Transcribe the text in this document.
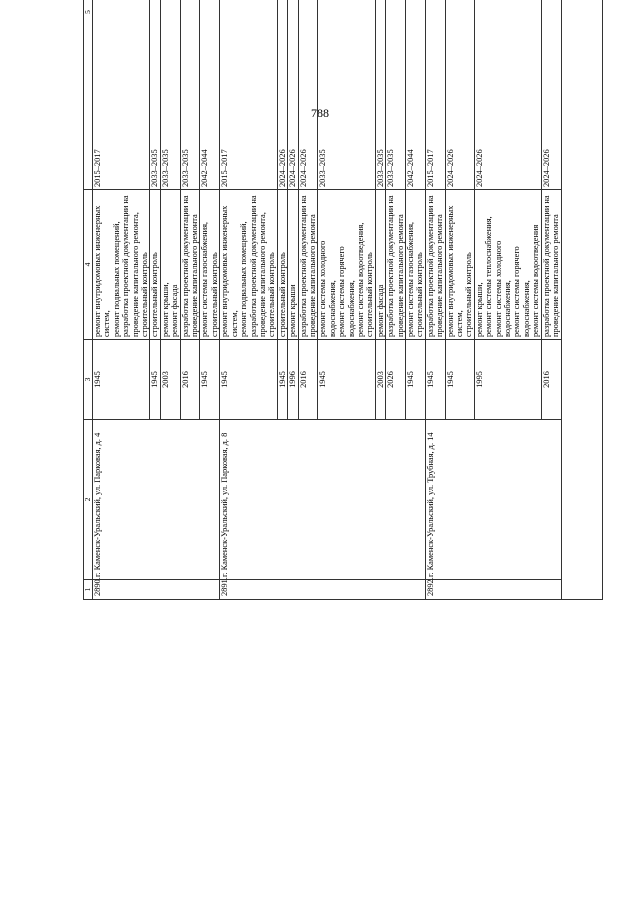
788
1	2	3	4	5
2890.	г. Каменск-Уральский, ул. Парковая, д. 4	1945	ремонт внутридомовых инженерных систем,
ремонт подвальных помещений,
разработка проектной документации на
проведение капитального ремонта,
строительный контроль	2015–2017

		1945	строительный контроль	2033–2035
		2003	ремонт крыши,
ремонт фасада	2033–2035
		2016	разработка проектной документации на
проведение капитального ремонта	2033–2035
		1945	ремонт системы газоснабжения,
строительный контроль	2042–2044
2891.	г. Каменск-Уральский, ул. Парковая, д. 8	1945	ремонт внутридомовых инженерных систем,
ремонт подвальных помещений,
разработка проектной документации на
проведение капитального ремонта,
строительный контроль	2015–2017

		1945	строительный контроль	2024–2026
		1996	ремонт крыши	2024–2026
		2016	разработка проектной документации на
проведение капитального ремонта	2024–2026
		1945	ремонт системы холодного водоснабжения,
ремонт системы горячего водоснабжения,
ремонт системы водоотведения,
строительный контроль	2033–2035

		2003	ремонт фасада	2033–2035
		2026	разработка проектной документации на
проведение капитального ремонта	2033–2035
		1945	ремонт системы газоснабжения,
строительный контроль	2042–2044
2892.	г. Каменск-Уральский, ул. Трубная, д. 14	1945	разработка проектной документации на
проведение капитального ремонта	2015–2017
		1945	ремонт внутридомовых инженерных систем,
строительный контроль	2024–2026
		1995	ремонт крыши,
ремонт системы теплоснабжения,
ремонт системы холодного водоснабжения,
ремонт системы горячего водоснабжения,
ремонт системы водоотведения	2024–2026

		2016	разработка проектной документации на
проведение капитального ремонта	2024–2026
